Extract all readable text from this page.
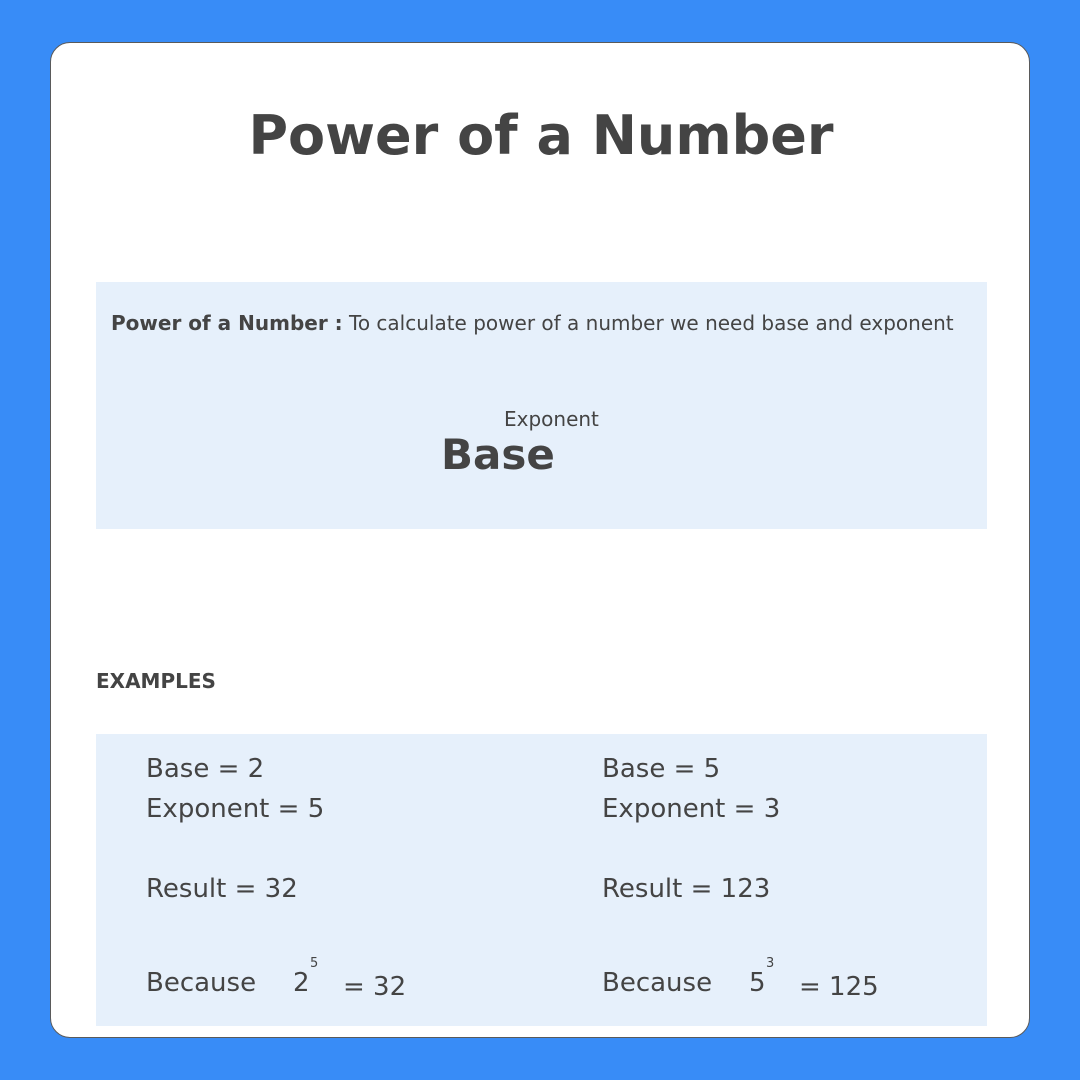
Power of a Number

Power of a Number : To calculate power of a number we need base and exponent

Exponent
Base
EXAMPLES
Base = 2
Exponent = 5
Result = 32
Because 2
5
= 32
Base = 5
Exponent = 3
Result = 123
Because 5
3
= 125
